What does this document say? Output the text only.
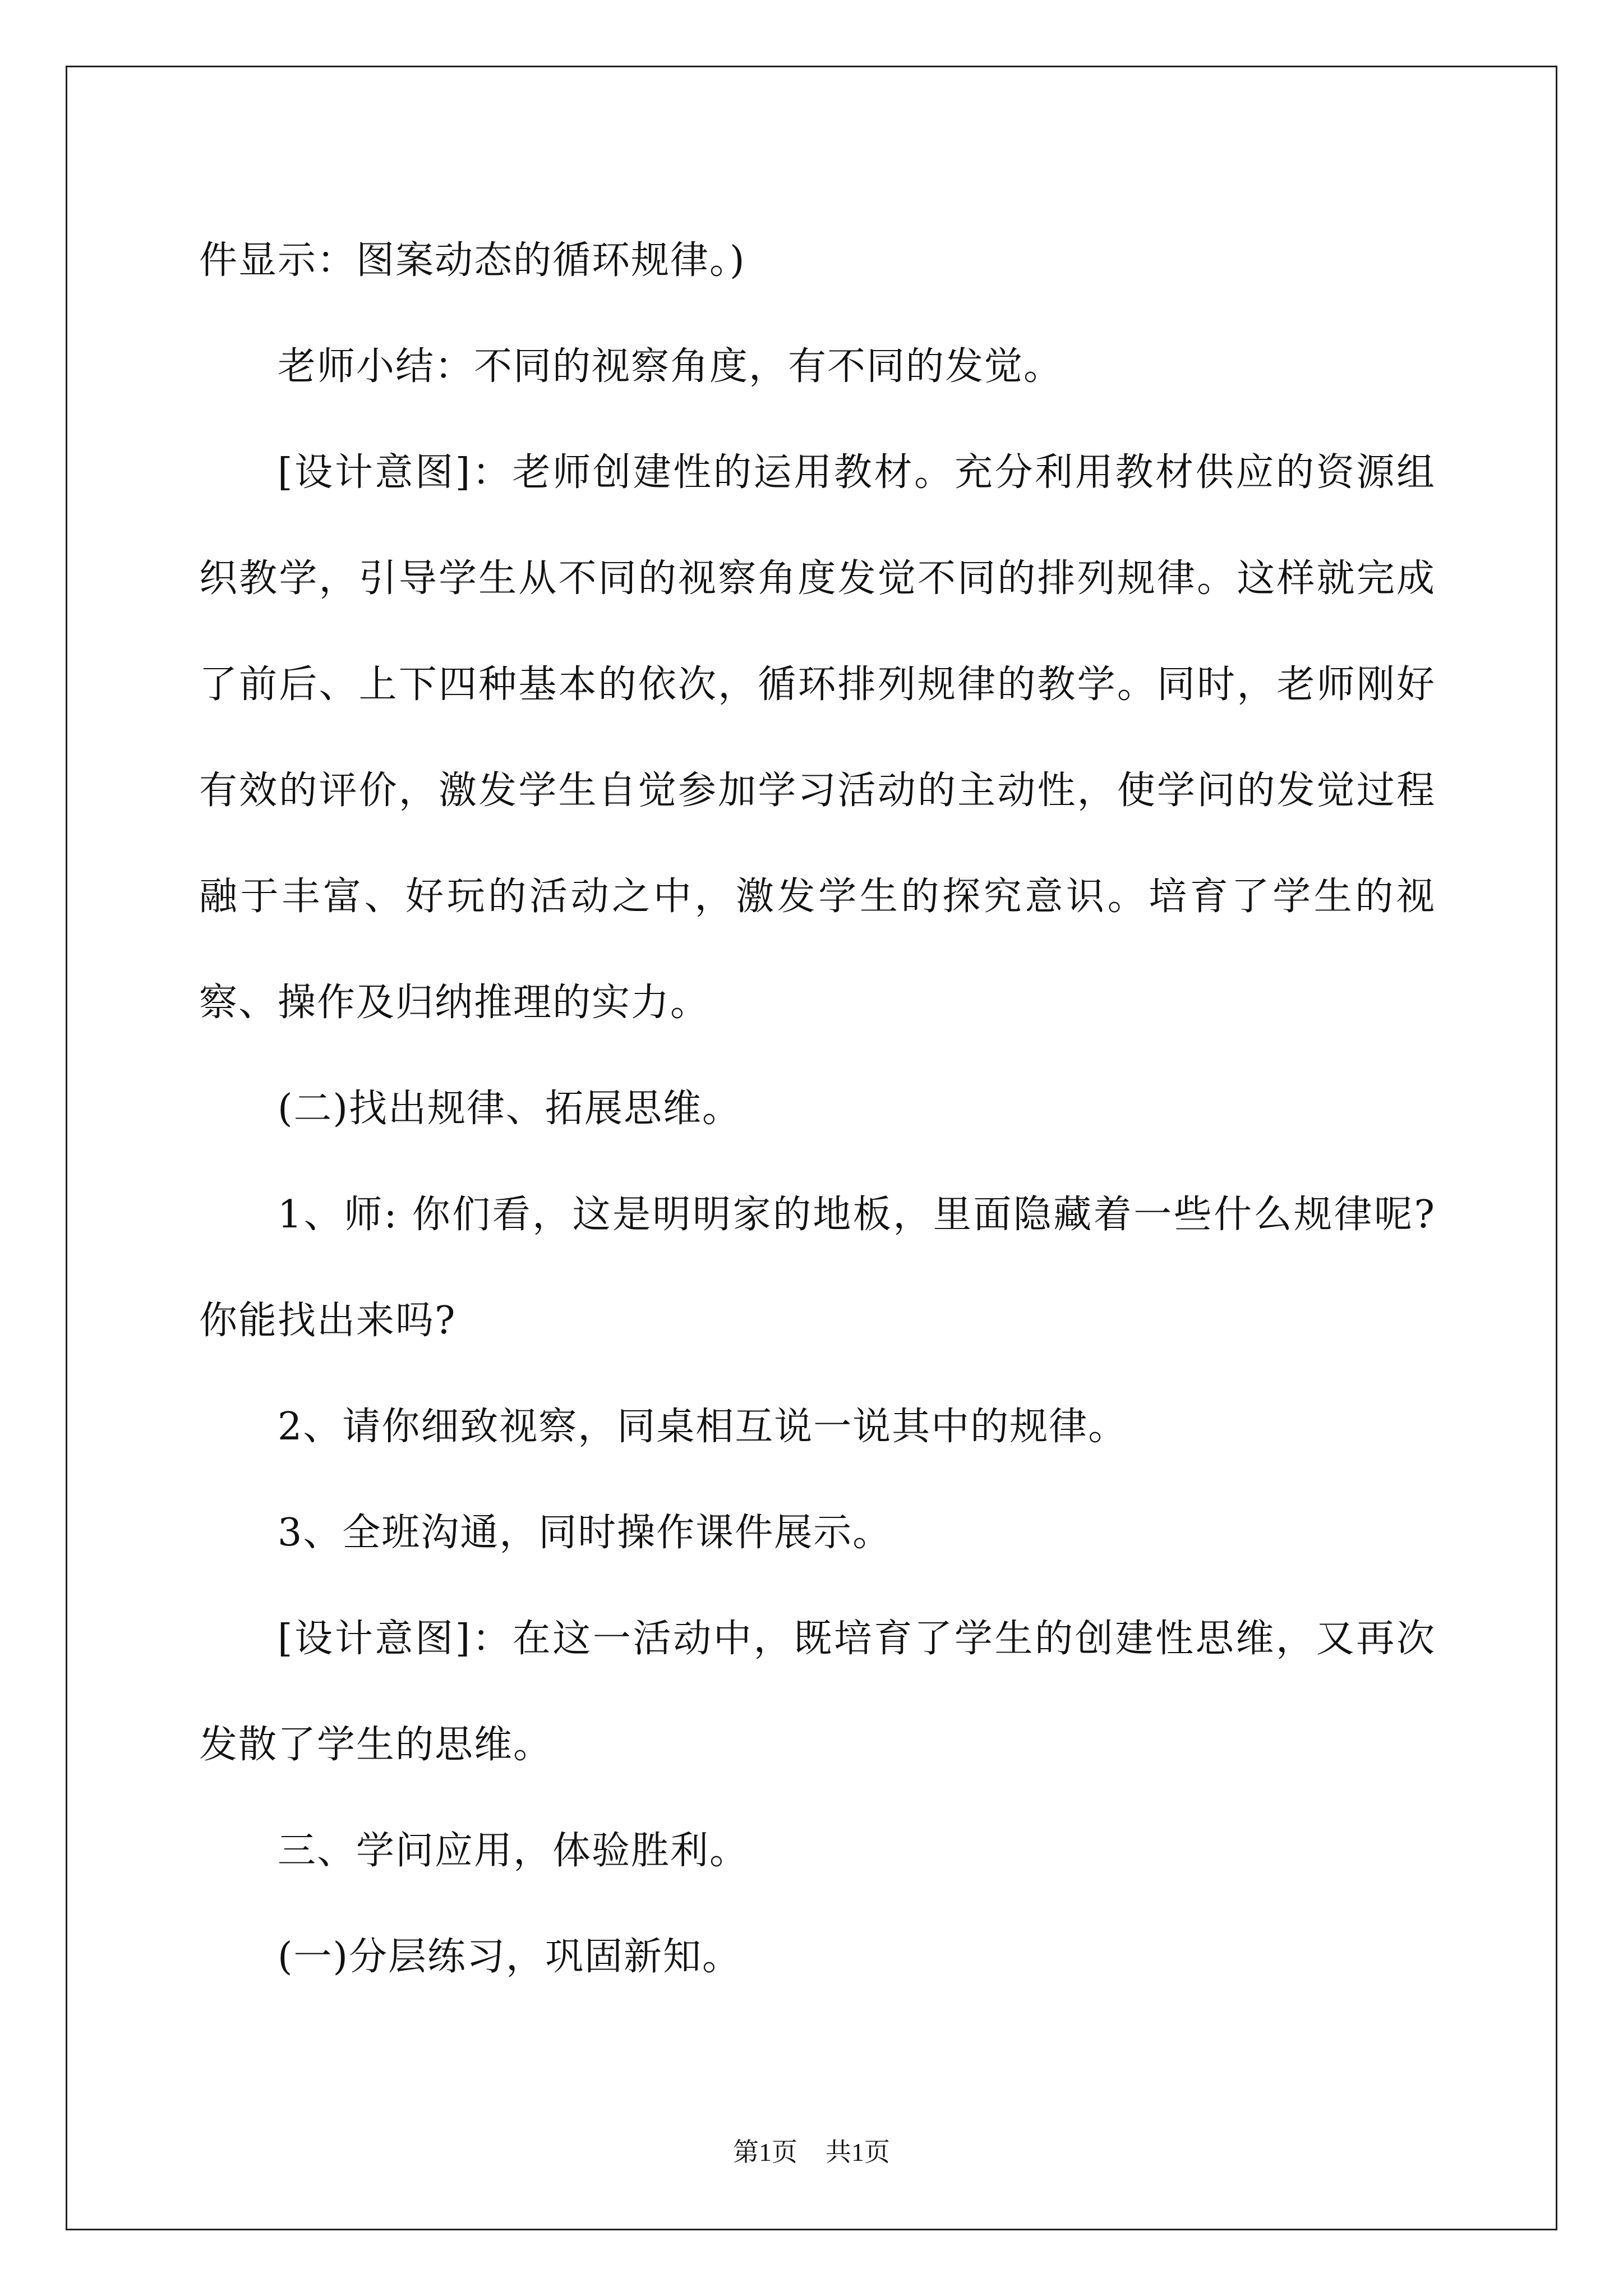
件显示：图案动态的循环规律。)

老师小结：不同的视察角度，有不同的发觉。

[设计意图]：老师创建性的运用教材。充分利用教材供应的资源组织教学，引导学生从不同的视察角度发觉不同的排列规律。这样就完成了前后、上下四种基本的依次，循环排列规律的教学。同时，老师刚好有效的评价，激发学生自觉参加学习活动的主动性，使学问的发觉过程融于丰富、好玩的活动之中，激发学生的探究意识。培育了学生的视察、操作及归纳推理的实力。

(二)找出规律、拓展思维。

1、师: 你们看，这是明明家的地板，里面隐藏着一些什么规律呢? 你能找出来吗?

2、请你细致视察，同桌相互说一说其中的规律。

3、全班沟通，同时操作课件展示。

[设计意图]：在这一活动中，既培育了学生的创建性思维，又再次发散了学生的思维。

三、学问应用，体验胜利。

(一)分层练习，巩固新知。

第1页 共1页
